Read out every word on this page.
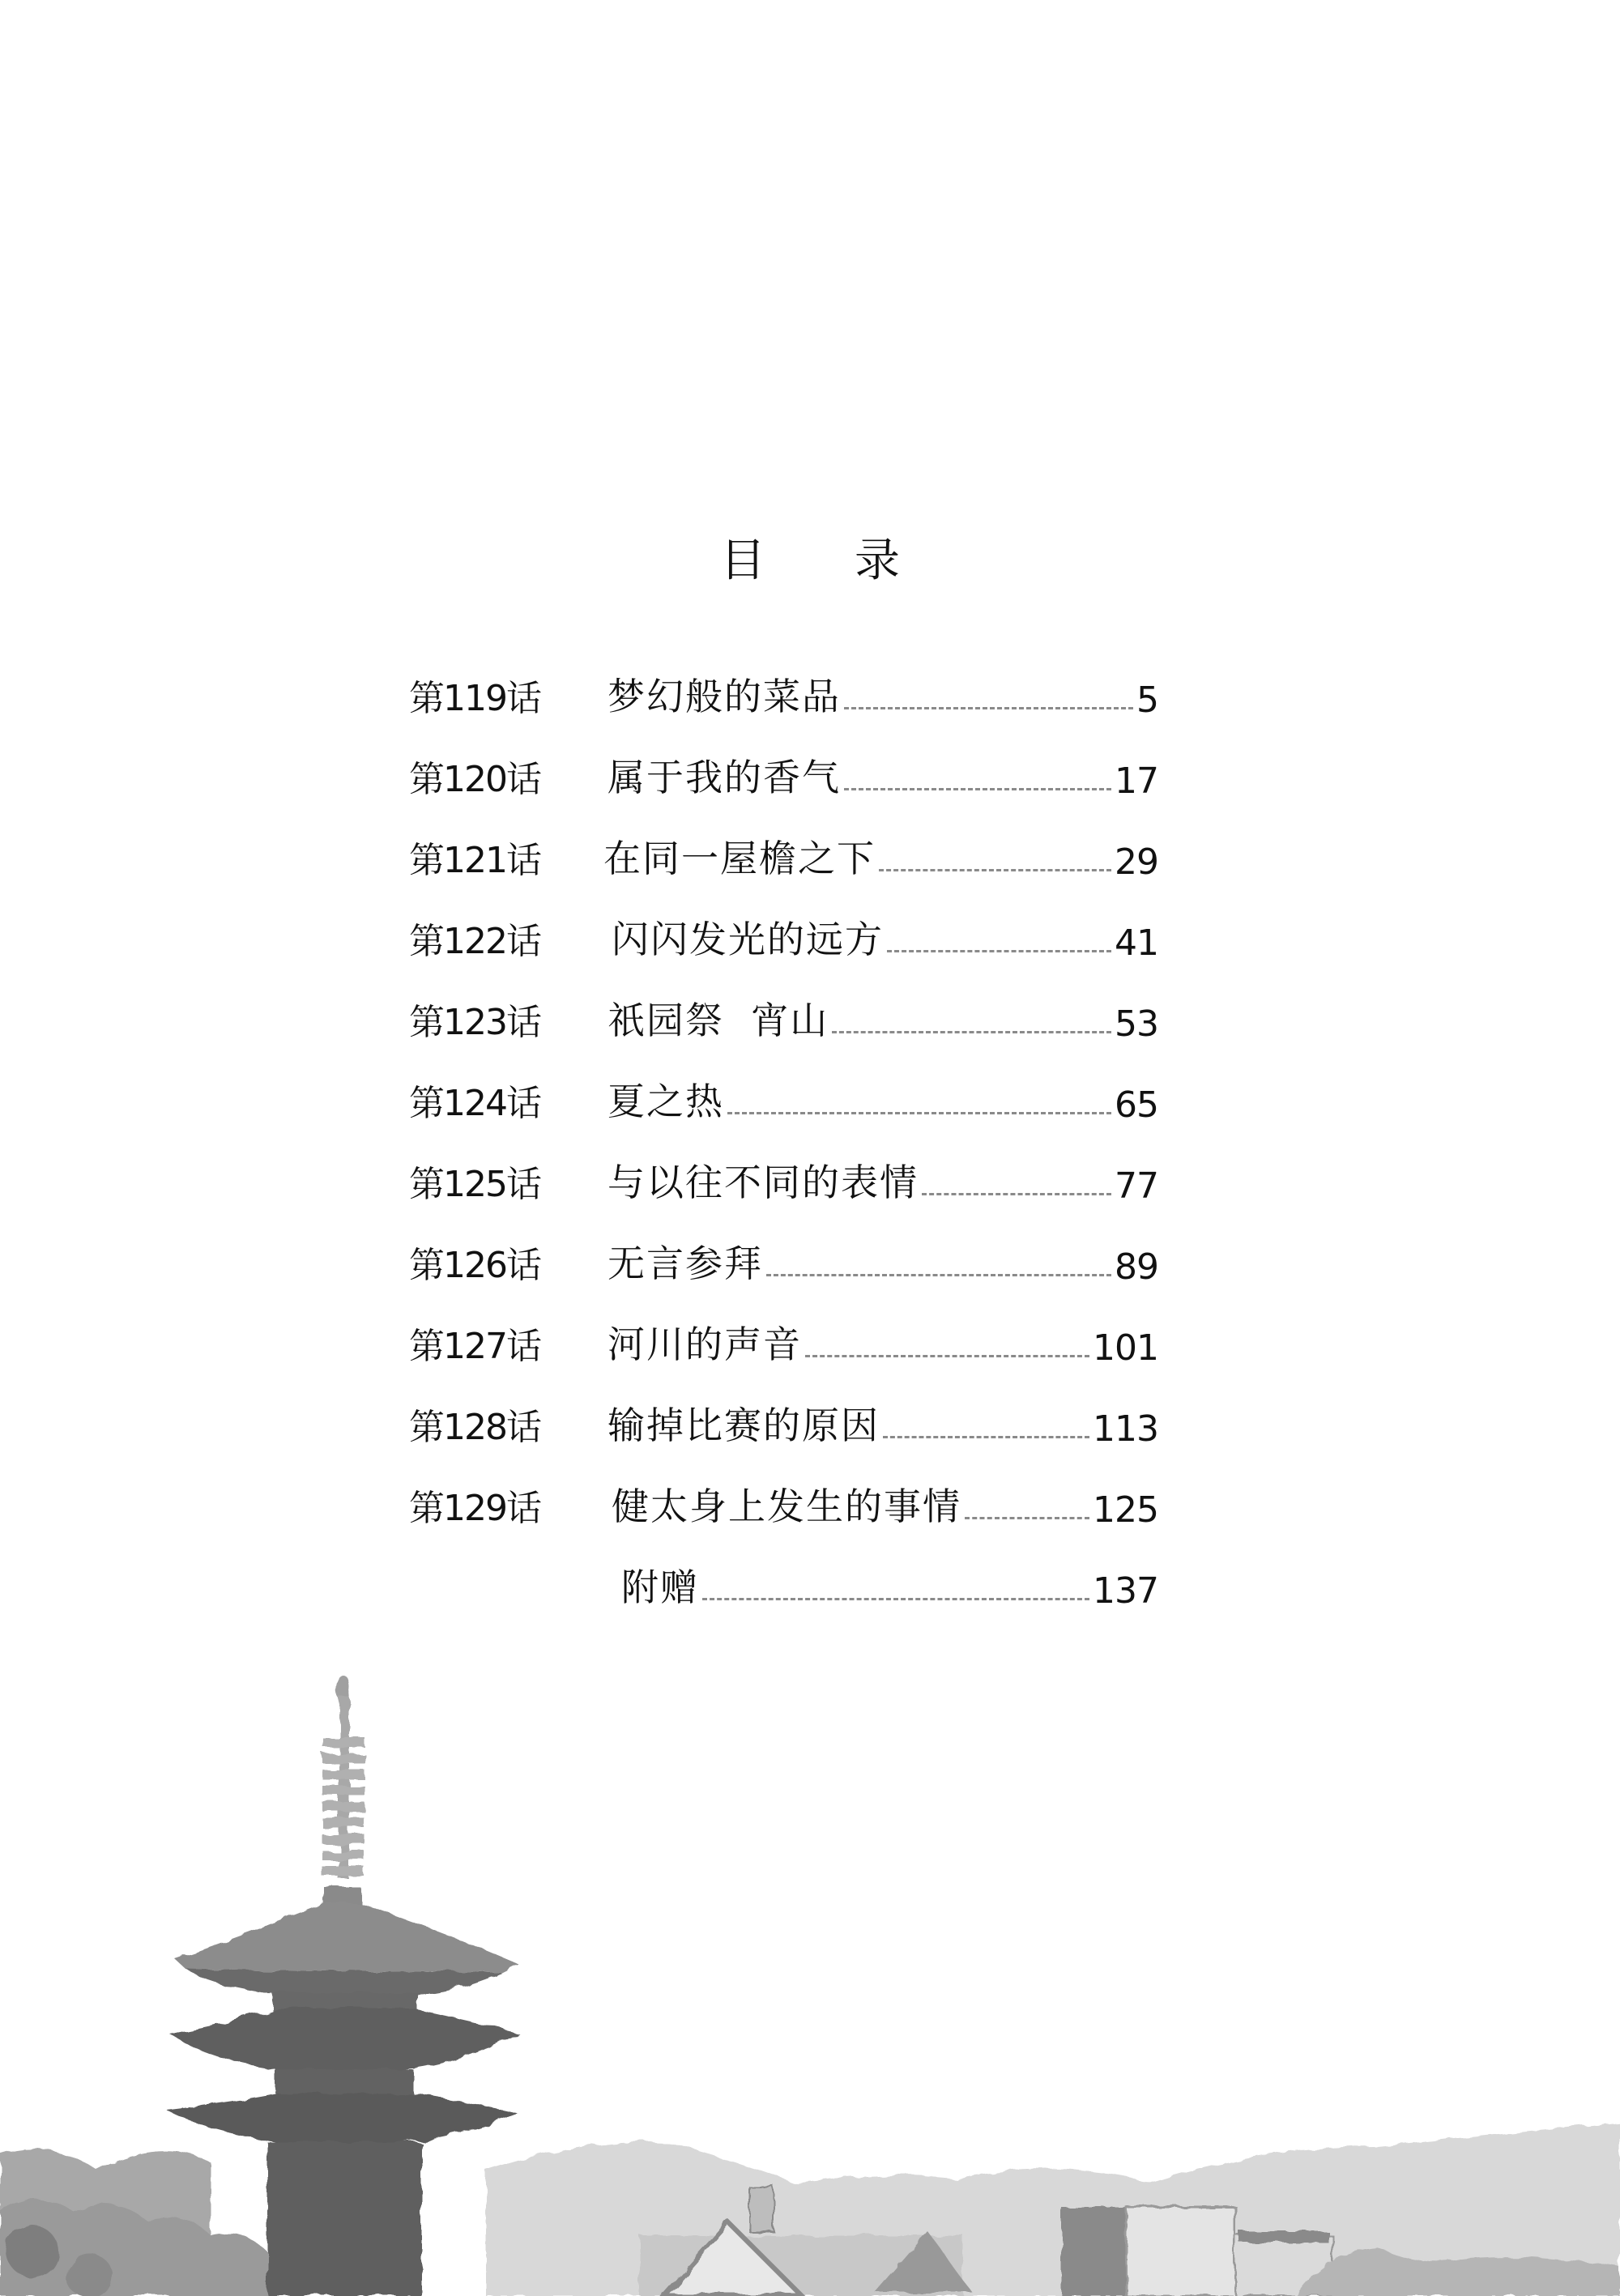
目 录
第119话	梦幻般的菜品	5
第120话	属于我的香气	17
第121话	在同一屋檐之下	29
第122话	闪闪发光的远方	41
第123话	祇园祭  宵山	53
第124话	夏之热	65
第125话	与以往不同的表情	77
第126话	无言参拜	89
第127话	河川的声音	101
第128话	输掉比赛的原因	113
第129话	健太身上发生的事情	125
附赠	137
